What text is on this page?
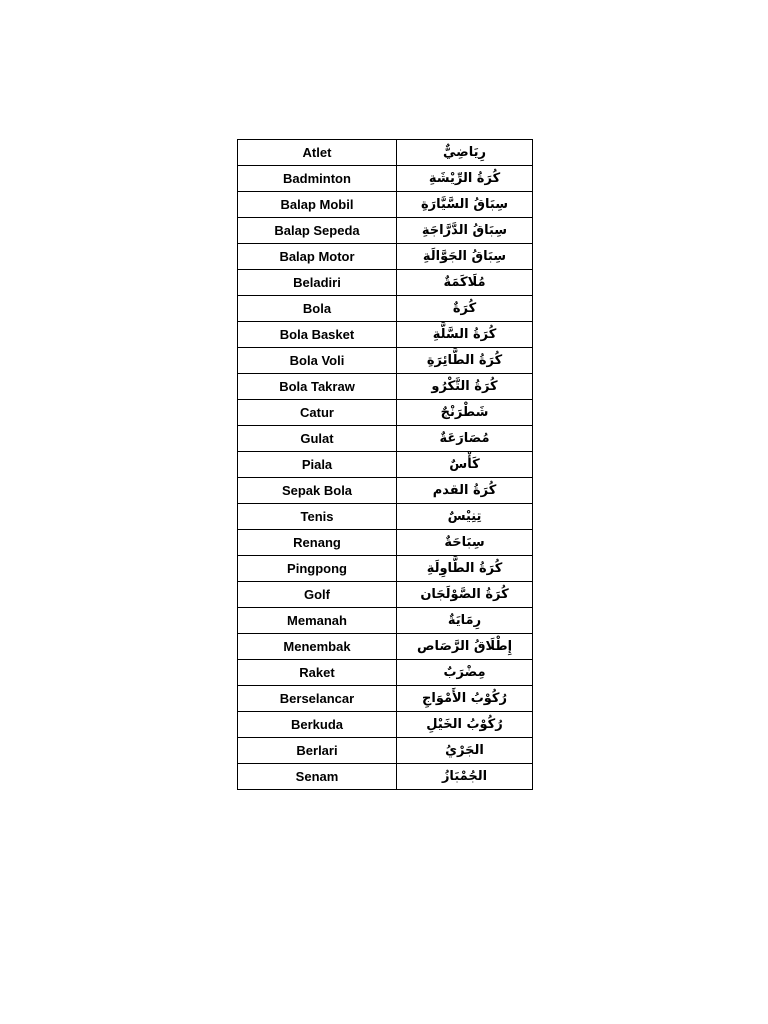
Atlet	رِيَاضِيٌّ
Badminton	كُرَةُ الرِّيْشَةِ
Balap Mobil	سِبَاقُ السَّيَّارَةِ
Balap Sepeda	سِبَاقُ الدَّرَّاجَةِ
Balap Motor	سِبَاقُ الجَوَّالَةِ
Beladiri	مُلَاكَمَةٌ
Bola	كُرَةٌ
Bola Basket	كُرَةُ السَّلَّةِ
Bola Voli	كُرَةُ الطَّائِرَةِ
Bola Takraw	كُرَةُ التَّكْرُو
Catur	شَطْرَنْجٌ
Gulat	مُصَارَعَةٌ
Piala	كَأْسٌ
Sepak Bola	كُرَةُ القدم
Tenis	تِنِيْسٌ
Renang	سِبَاحَةٌ
Pingpong	كُرَةُ الطَّاوِلَةِ
Golf	كُرَةُ الصَّوْلَجَان
Memanah	رِمَايَةٌ
Menembak	إِطْلَاقُ الرَّصَاص
Raket	مِضْرَبٌ
Berselancar	رُكُوْبُ الأَمْوَاجِ
Berkuda	رُكُوْبُ الخَيْلِ
Berlari	الجَرْيُ
Senam	الجُمْبَازُ
